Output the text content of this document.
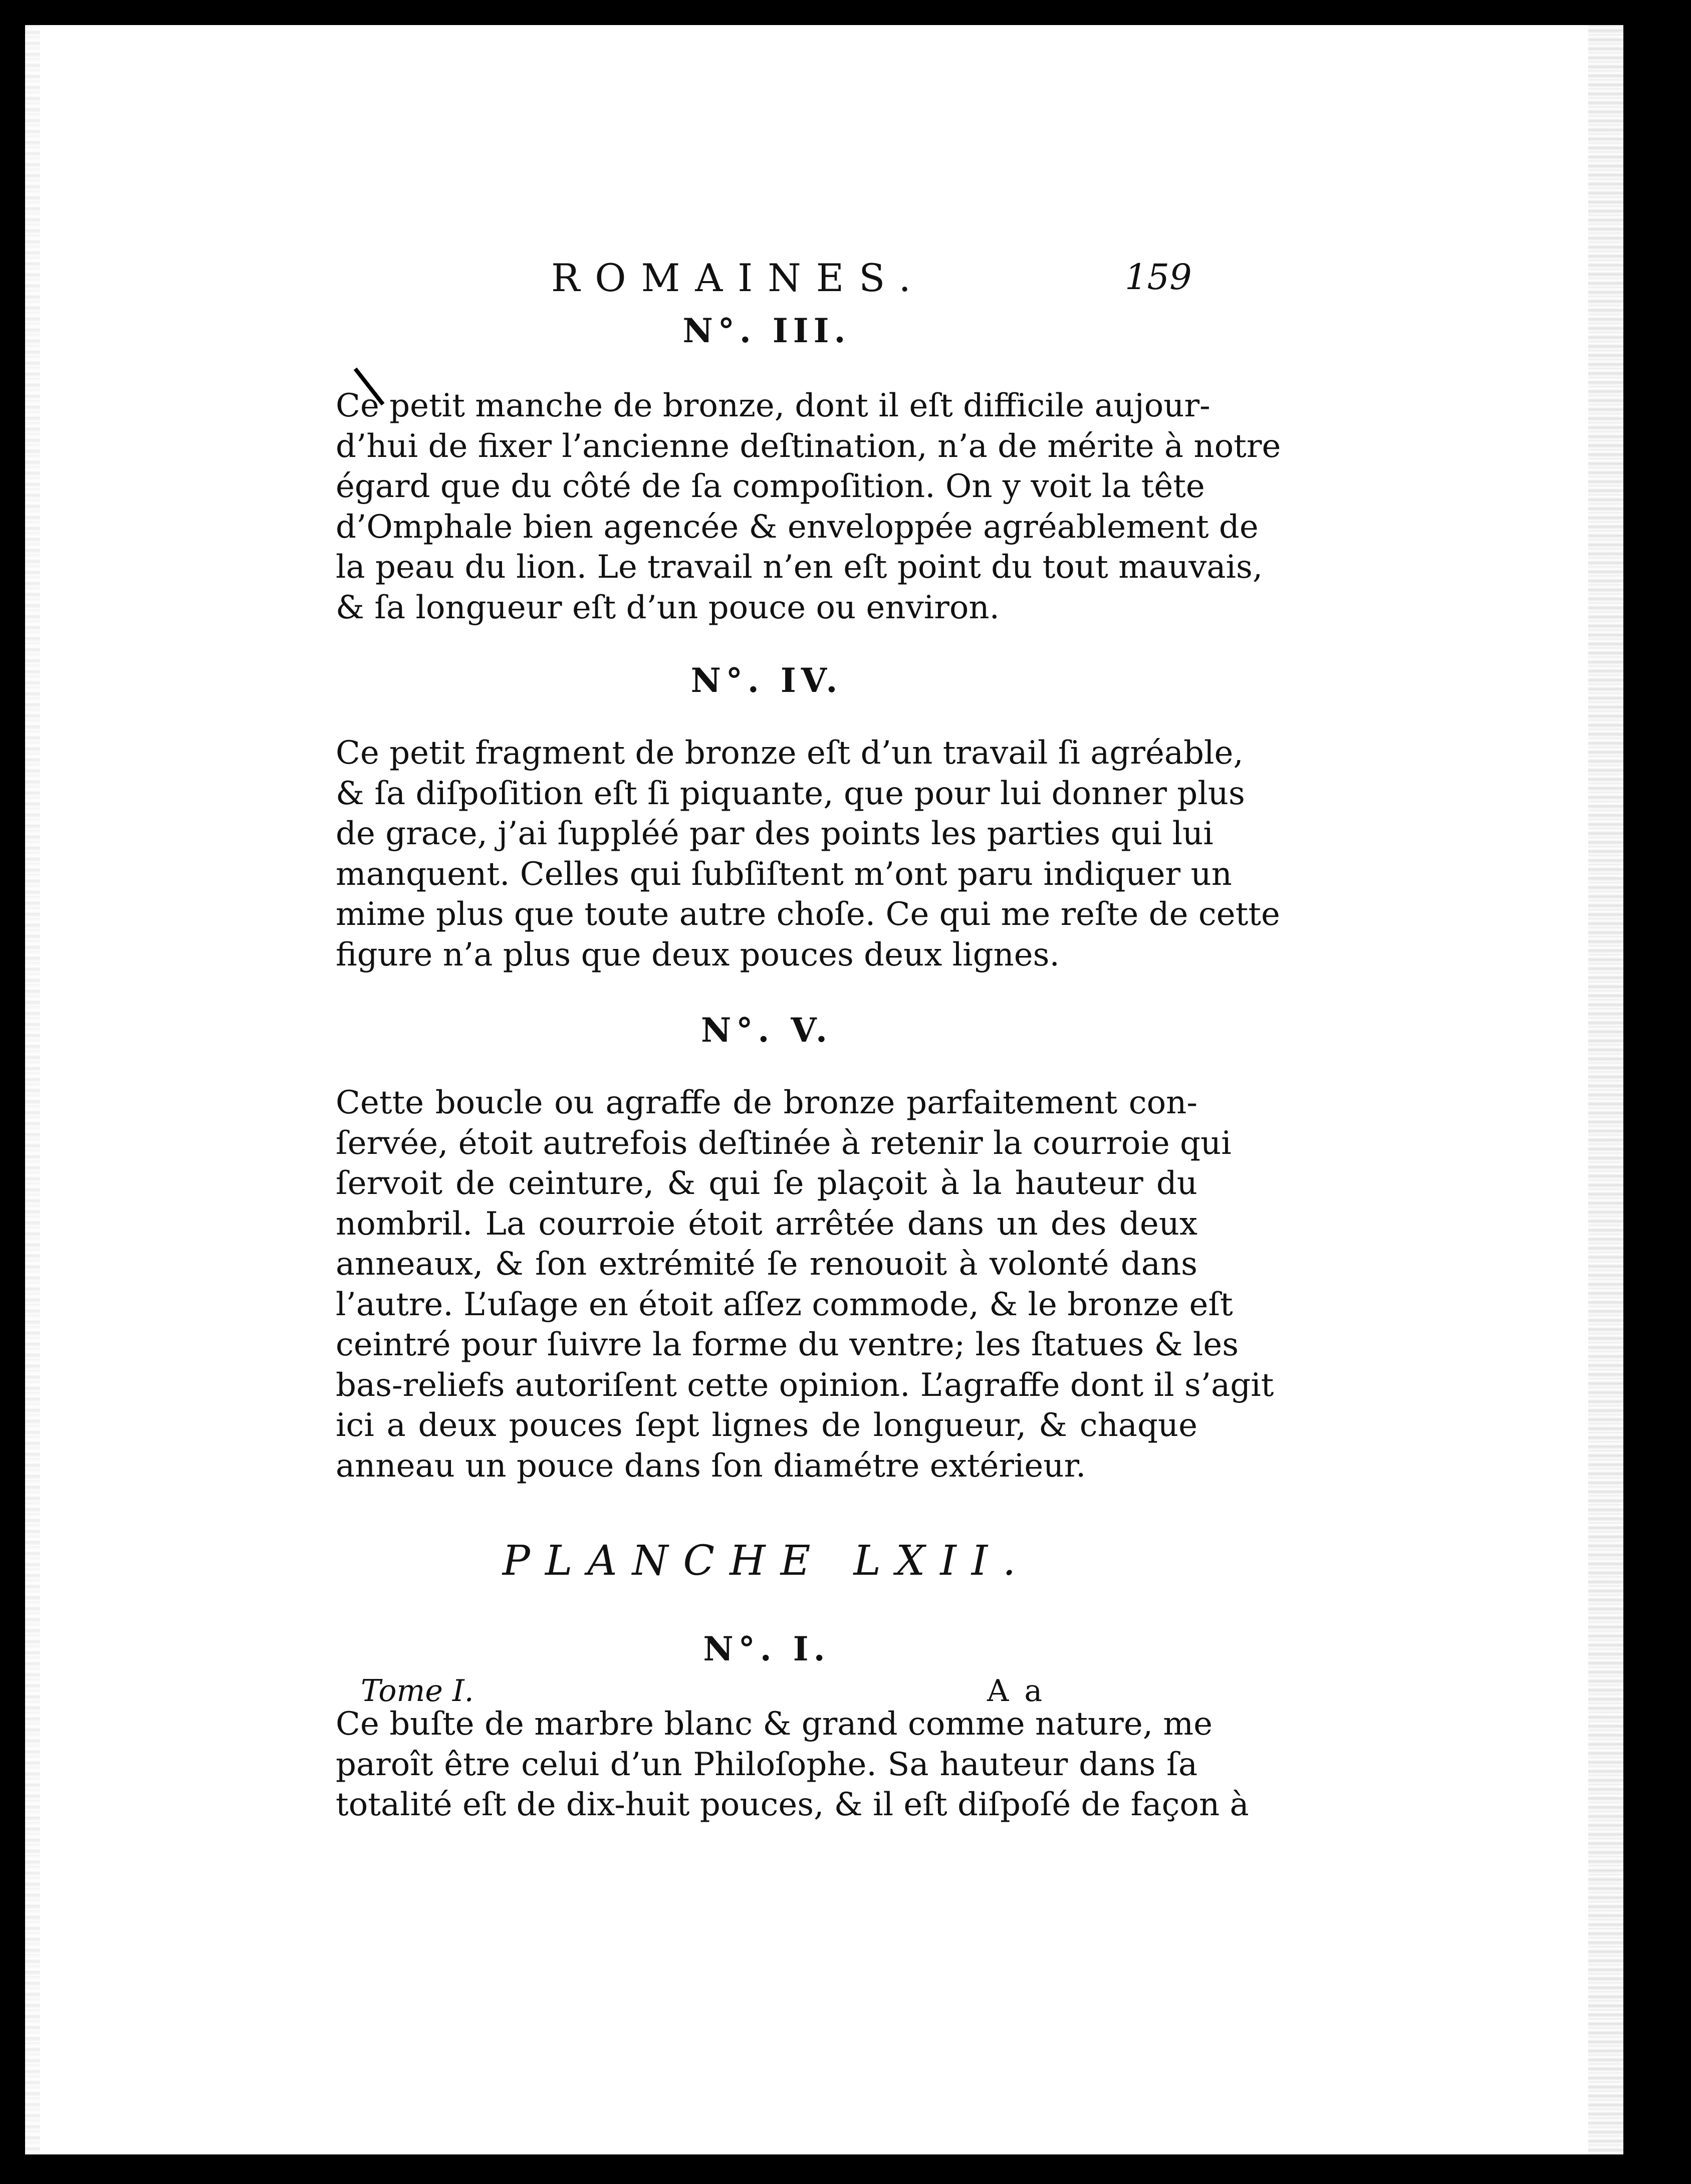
ROMAINES.	159
N°. III.
Ce petit manche de bronze, dont il eſt difficile aujour-
d’hui de fixer l’ancienne deſtination, n’a de mérite à notre
égard que du côté de ſa compoſition. On y voit la tête
d’Omphale bien agencée & enveloppée agréablement de
la peau du lion. Le travail n’en eſt point du tout mauvais,
& ſa longueur eſt d’un pouce ou environ.
N°. IV.
Ce petit fragment de bronze eſt d’un travail ſi agréable,
& ſa diſpoſition eſt ſi piquante, que pour lui donner plus
de grace, j’ai ſuppléé par des points les parties qui lui
manquent. Celles qui ſubſiſtent m’ont paru indiquer un
mime plus que toute autre choſe. Ce qui me reſte de cette
figure n’a plus que deux pouces deux lignes.
N°. V.
Cette boucle ou agraffe de bronze parfaitement con-
ſervée, étoit autrefois deſtinée à retenir la courroie qui
ſervoit de ceinture, & qui ſe plaçoit à la hauteur du
nombril. La courroie étoit arrêtée dans un des deux
anneaux, & ſon extrémité ſe renouoit à volonté dans
l’autre. L’uſage en étoit aſſez commode, & le bronze eſt
ceintré pour ſuivre la forme du ventre; les ſtatues & les
bas-reliefs autoriſent cette opinion. L’agraffe dont il s’agit
ici a deux pouces ſept lignes de longueur, & chaque
anneau un pouce dans ſon diamétre extérieur.
PLANCHE LXII.
N°. I.
Ce buſte de marbre blanc & grand comme nature, me
paroît être celui d’un Philoſophe. Sa hauteur dans ſa
totalité eſt de dix-huit pouces, & il eſt diſpoſé de façon à
Tome I.	A a
